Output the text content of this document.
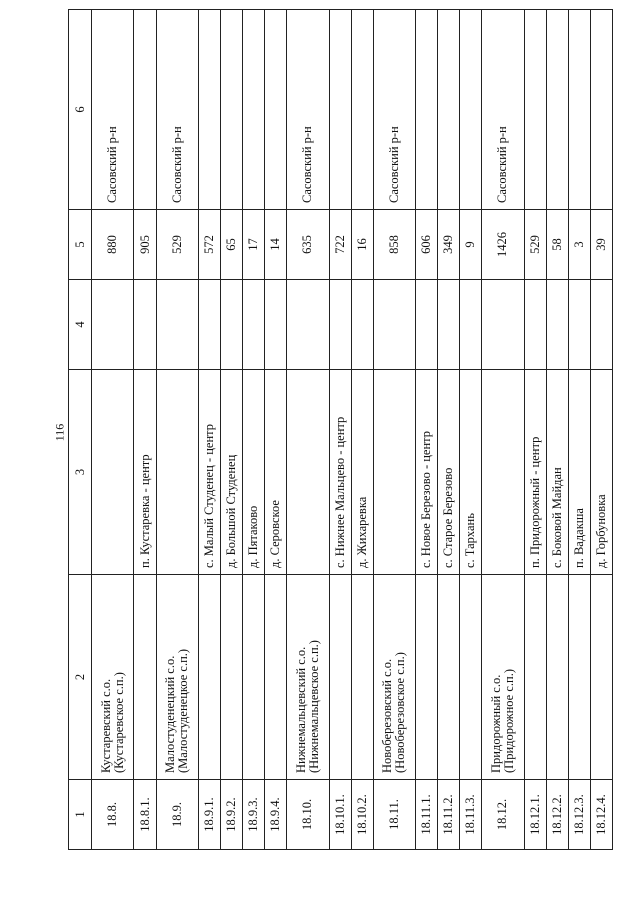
116
1	2	3	4	5	6
18.8.	Кустаревский с.о. (Кустаревское с.п.)			880	Сасовский р-н
18.8.1.		п. Кустаревка - центр		905	
18.9.	Малостуденецкий с.о. (Малостуденецкое с.п.)			529	Сасовский р-н
18.9.1.		с. Малый Студенец - центр		572	
18.9.2.		д. Большой Студенец		65	
18.9.3.		д. Пятаково		17	
18.9.4.		д. Серовское		14	
18.10.	Нижнемальцевский с.о. (Нижнемальцевское с.п.)			635	Сасовский р-н
18.10.1.		с. Нижнее Мальцево - центр		722	
18.10.2.		д. Жихаревка		16	
18.11.	Новоберезовский с.о. (Новоберезовское с.п.)			858	Сасовский р-н
18.11.1.		с. Новое Березово - центр		606	
18.11.2.		с. Старое Березово		349	
18.11.3.		с. Тархань		9	
18.12.	Придорожный с.о. (Придорожное с.п.)			1426	Сасовский р-н
18.12.1.		п. Придорожный - центр		529	
18.12.2.		с. Боковой Майдан		58	
18.12.3.		п. Вадакша		3	
18.12.4.		д. Горбуновка		39	
